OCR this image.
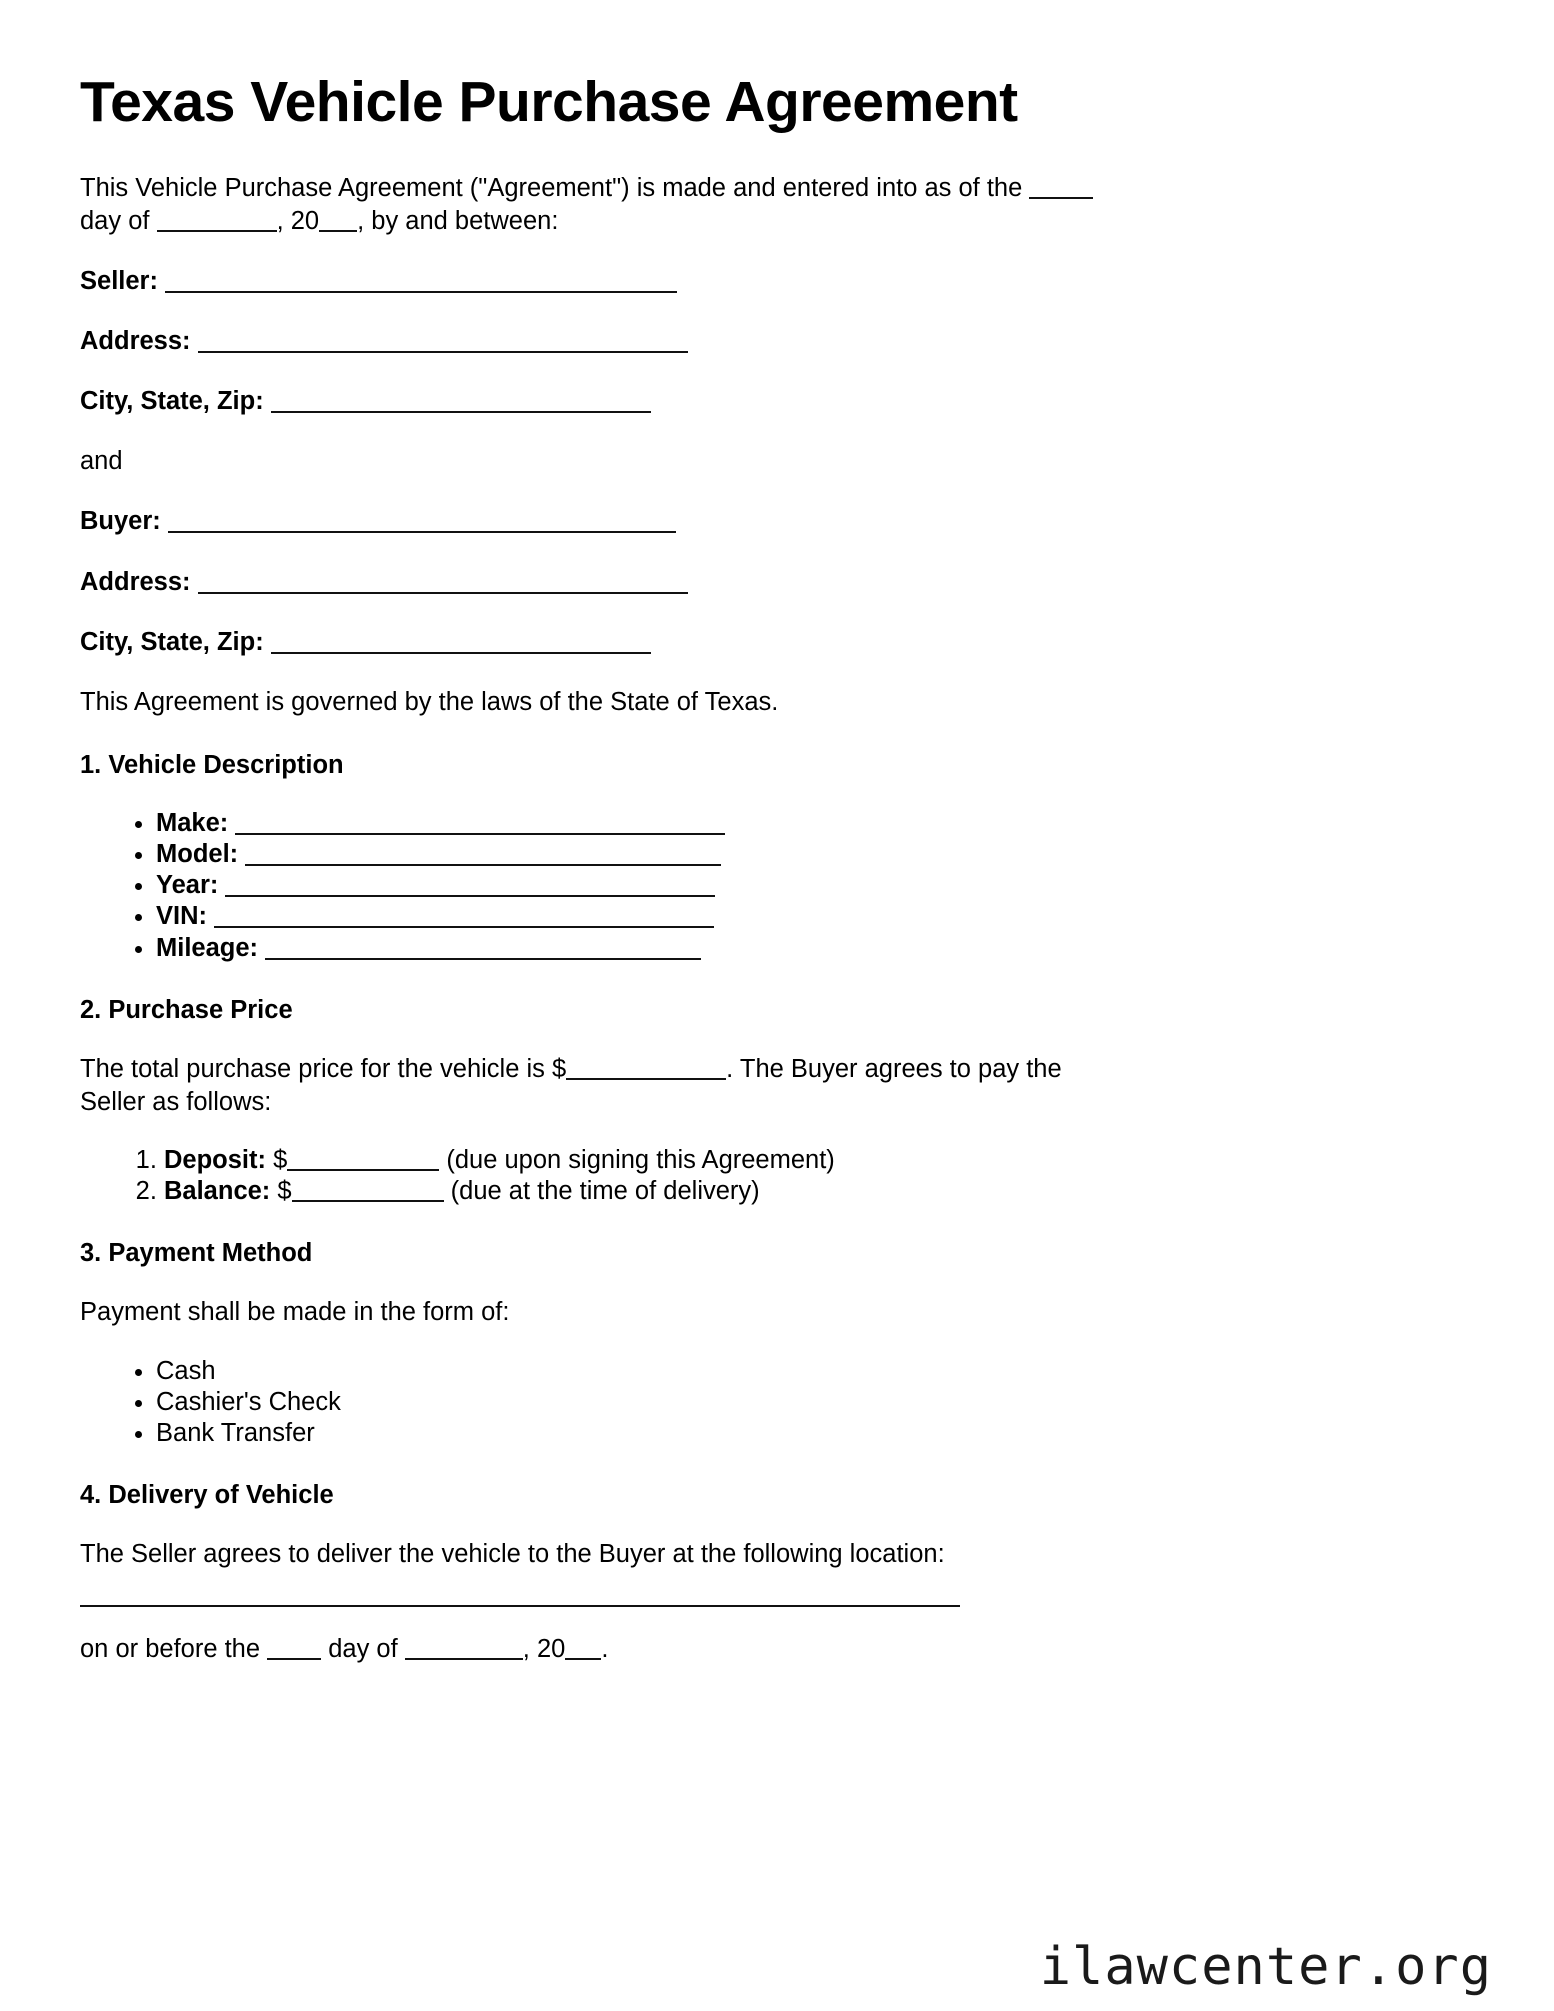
Texas Vehicle Purchase Agreement

This Vehicle Purchase Agreement ("Agreement") is made and entered into as of the
day of	, 20 , by and between:

Seller:
Address:
City, State, Zip:

and

Buyer:
Address:
City, State, Zip:

This Agreement is governed by the laws of the State of Texas.

1. Vehicle Description
• Make:
• Model:
• Year:
• VIN:
• Mileage:
2. Purchase Price

The total purchase price for the vehicle is $	. The Buyer agrees to pay the
Seller as follows:

1. Deposit: $	(due upon signing this Agreement)
2. Balance: $	(due at the time of delivery)
3. Payment Method

Payment shall be made in the form of:

• Cash
• Cashier's Check
• Bank Transfer
4. Delivery of Vehicle

The Seller agrees to deliver the vehicle to the Buyer at the following location:

on or before the	day of	, 20 .

ilawcenter.org
